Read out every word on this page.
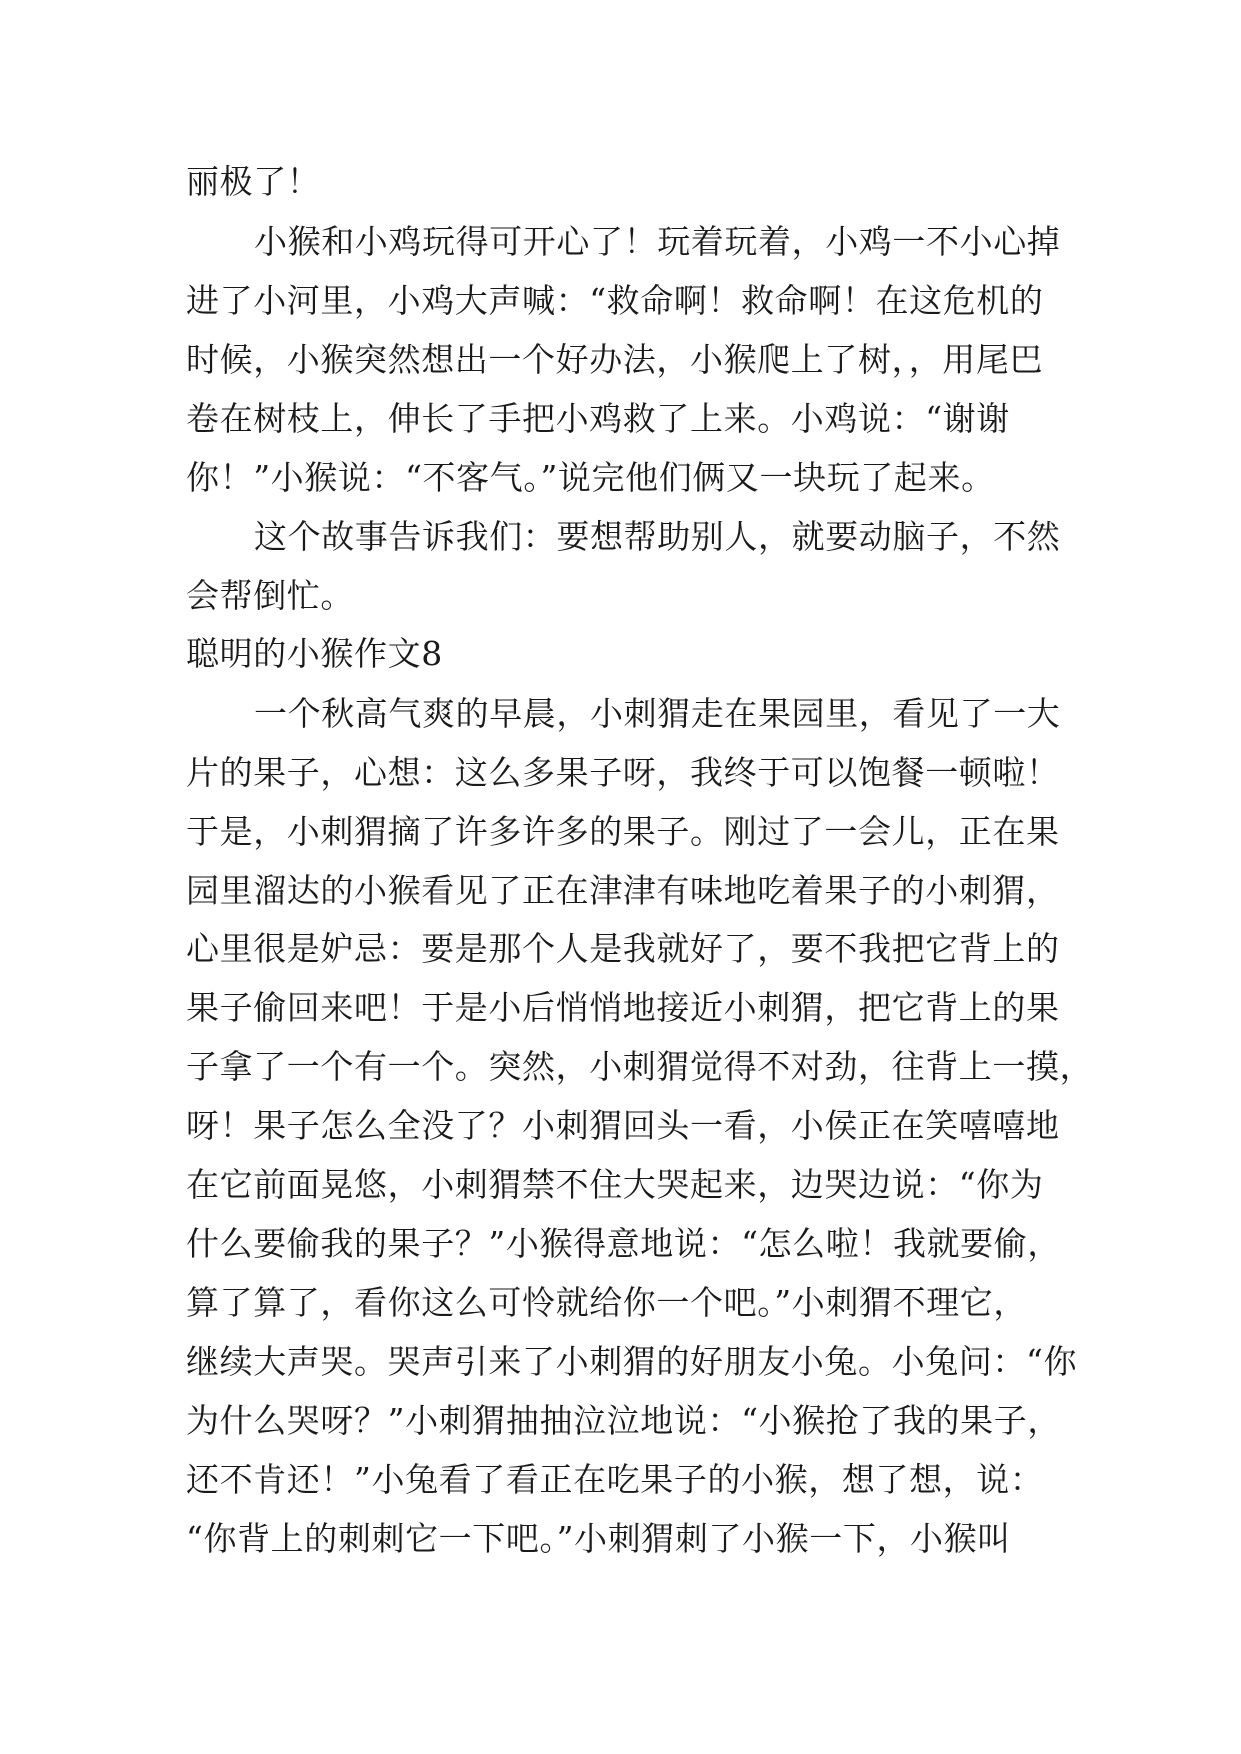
丽极了！
小猴和小鸡玩得可开心了！玩着玩着，小鸡一不小心掉
进了小河里，小鸡大声喊：“救命啊！救命啊！在这危机的
时候，小猴突然想出一个好办法，小猴爬上了树，，用尾巴
卷在树枝上，伸长了手把小鸡救了上来。小鸡说：“谢谢
你！”小猴说：“不客气。”说完他们俩又一块玩了起来。
这个故事告诉我们：要想帮助别人，就要动脑子，不然
会帮倒忙。
聪明的小猴作文8
一个秋高气爽的早晨，小刺猬走在果园里，看见了一大
片的果子，心想：这么多果子呀，我终于可以饱餐一顿啦！
于是，小刺猬摘了许多许多的果子。刚过了一会儿，正在果
园里溜达的小猴看见了正在津津有味地吃着果子的小刺猬，
心里很是妒忌：要是那个人是我就好了，要不我把它背上的
果子偷回来吧！于是小后悄悄地接近小刺猬，把它背上的果
子拿了一个有一个。突然，小刺猬觉得不对劲，往背上一摸，
呀！果子怎么全没了？小刺猬回头一看，小侯正在笑嘻嘻地
在它前面晃悠，小刺猬禁不住大哭起来，边哭边说：“你为
什么要偷我的果子？”小猴得意地说：“怎么啦！我就要偷，
算了算了，看你这么可怜就给你一个吧。”小刺猬不理它，
继续大声哭。哭声引来了小刺猬的好朋友小兔。小兔问：“你
为什么哭呀？”小刺猬抽抽泣泣地说：“小猴抢了我的果子，
还不肯还！”小兔看了看正在吃果子的小猴，想了想，说：
“你背上的刺刺它一下吧。”小刺猬刺了小猴一下，小猴叫
